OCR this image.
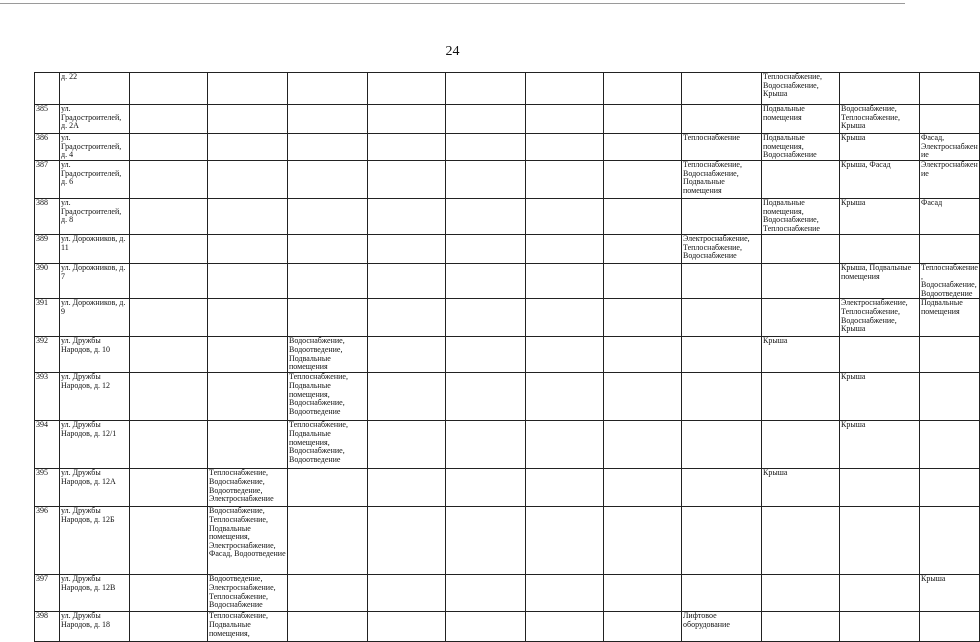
24
	д. 22									Теплоснабжение, Водоснабжение, Крыша		
385	ул. Градостроителей, д. 2А									Подвальные помещения	Водоснабжение, Теплоснабжение, Крыша	
386	ул. Градостроителей, д. 4								Теплоснабжение	Подвальные помещения, Водоснабжение	Крыша	Фасад, Электроснабжение
387	ул. Градостроителей, д. 6								Теплоснабжение, Водоснабжение, Подвальные помещения		Крыша, Фасад	Электроснабжение
388	ул. Градостроителей, д. 8									Подвальные помещения, Водоснабжение, Теплоснабжение	Крыша	Фасад
389	ул. Дорожников, д. 11								Электроснабжение, Теплоснабжение, Водоснабжение			
390	ул. Дорожников, д. 7										Крыша, Подвальные помещения	Теплоснабжение, Водоснабжение, Водоотведение
391	ул. Дорожников, д. 9										Электроснабжение, Теплоснабжение, Водоснабжение, Крыша	Подвальные помещения
392	ул. Дружбы Народов, д. 10			Водоснабжение, Водоотведение, Подвальные помещения						Крыша		
393	ул. Дружбы Народов, д. 12			Теплоснабжение, Подвальные помещения, Водоснабжение, Водоотведение							Крыша	
394	ул. Дружбы Народов, д. 12/1			Теплоснабжение, Подвальные помещения, Водоснабжение, Водоотведение							Крыша	
395	ул. Дружбы Народов, д. 12А		Теплоснабжение, Водоснабжение, Водоотведение, Электроснабжение							Крыша		
396	ул. Дружбы Народов, д. 12Б		Водоснабжение, Теплоснабжение, Подвальные помещения, Электроснабжение, Фасад, Водоотведение									
397	ул. Дружбы Народов, д. 12В		Водоотведение, Электроснабжение, Теплоснабжение, Водоснабжение									Крыша
398	ул. Дружбы Народов, д. 18		Теплоснабжение, Подвальные помещения,						Лифтовое оборудование			
